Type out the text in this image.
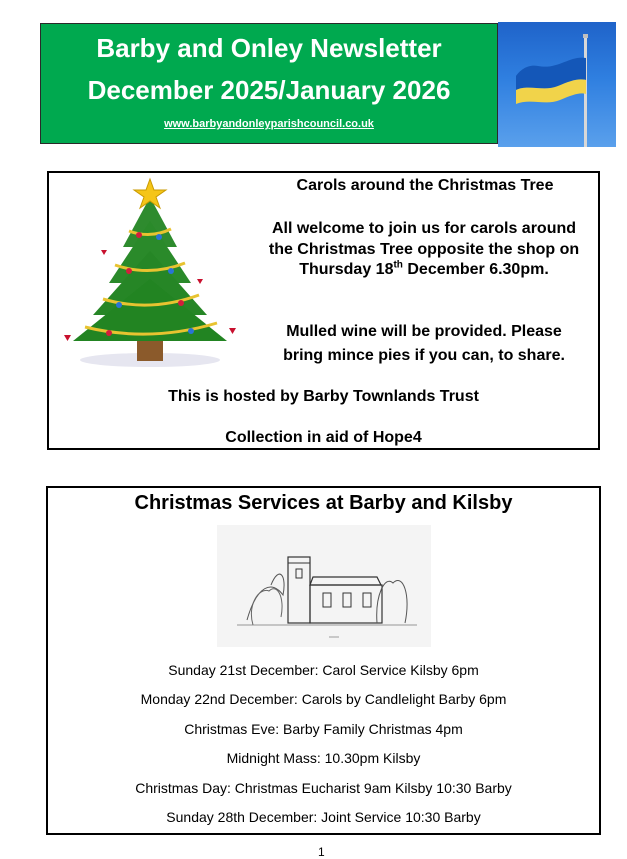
Barby and Onley Newsletter
December 2025/January 2026
www.barbyandonleyparishcouncil.co.uk
Carols around the Christmas Tree
All welcome to join us for carols around the Christmas Tree opposite the shop on Thursday 18th December 6.30pm.
Mulled wine will be provided. Please
bring mince pies if you can, to share.
This is hosted by Barby Townlands Trust
Collection in aid of Hope4
Christmas Services at Barby and Kilsby
Sunday 21st December: Carol Service Kilsby 6pm
Monday 22nd December: Carols by Candlelight Barby 6pm
Christmas Eve: Barby Family Christmas 4pm
Midnight Mass: 10.30pm Kilsby
Christmas Day: Christmas Eucharist 9am Kilsby 10:30 Barby
Sunday 28th December: Joint Service 10:30 Barby
1
